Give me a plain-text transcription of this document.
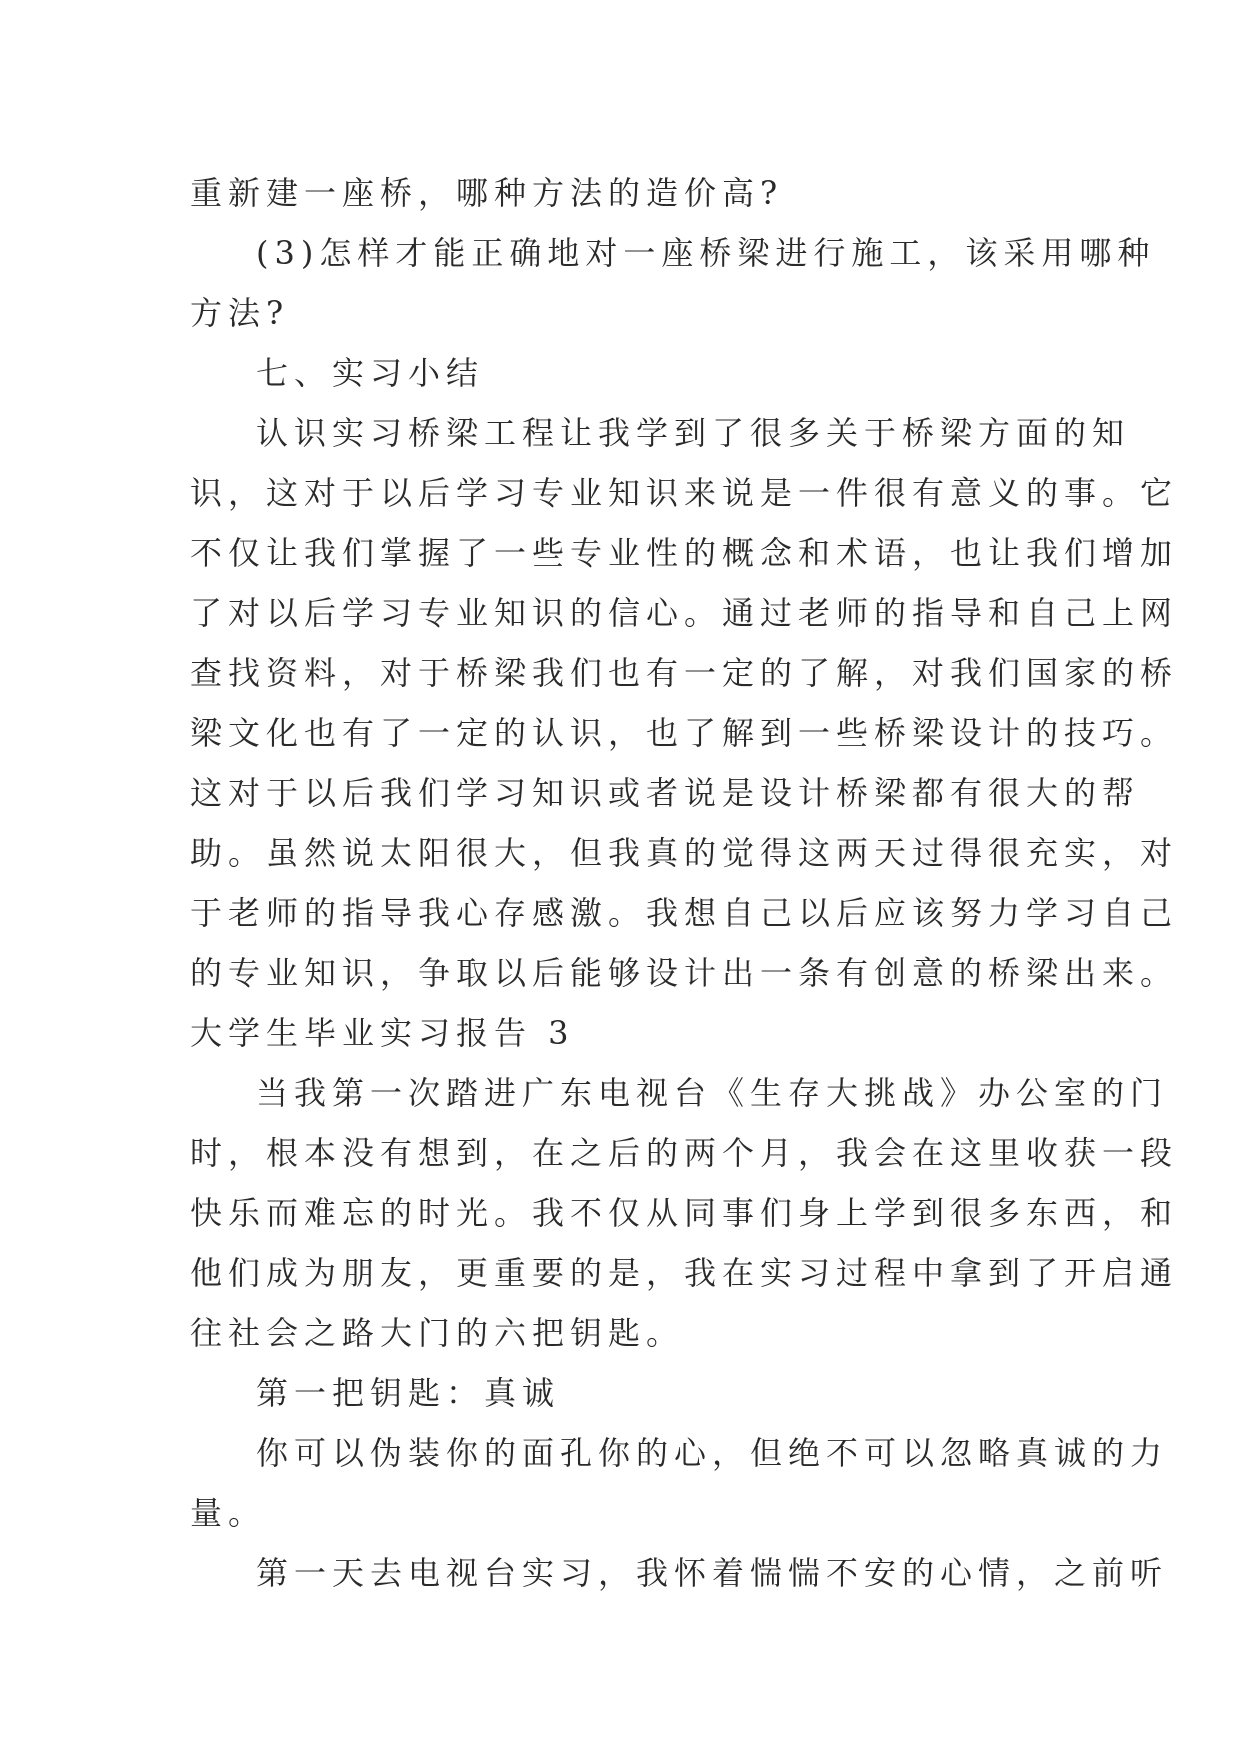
重新建一座桥，哪种方法的造价高?
(3)怎样才能正确地对一座桥梁进行施工，该采用哪种
方法?
七、实习小结
认识实习桥梁工程让我学到了很多关于桥梁方面的知
识，这对于以后学习专业知识来说是一件很有意义的事。它
不仅让我们掌握了一些专业性的概念和术语，也让我们增加
了对以后学习专业知识的信心。通过老师的指导和自己上网
查找资料，对于桥梁我们也有一定的了解，对我们国家的桥
梁文化也有了一定的认识，也了解到一些桥梁设计的技巧。
这对于以后我们学习知识或者说是设计桥梁都有很大的帮
助。虽然说太阳很大，但我真的觉得这两天过得很充实，对
于老师的指导我心存感激。我想自己以后应该努力学习自己
的专业知识，争取以后能够设计出一条有创意的桥梁出来。
大学生毕业实习报告 3
当我第一次踏进广东电视台《生存大挑战》办公室的门
时，根本没有想到，在之后的两个月，我会在这里收获一段
快乐而难忘的时光。我不仅从同事们身上学到很多东西，和
他们成为朋友，更重要的是，我在实习过程中拿到了开启通
往社会之路大门的六把钥匙。
第一把钥匙：真诚
你可以伪装你的面孔你的心，但绝不可以忽略真诚的力
量。
第一天去电视台实习，我怀着惴惴不安的心情，之前听
